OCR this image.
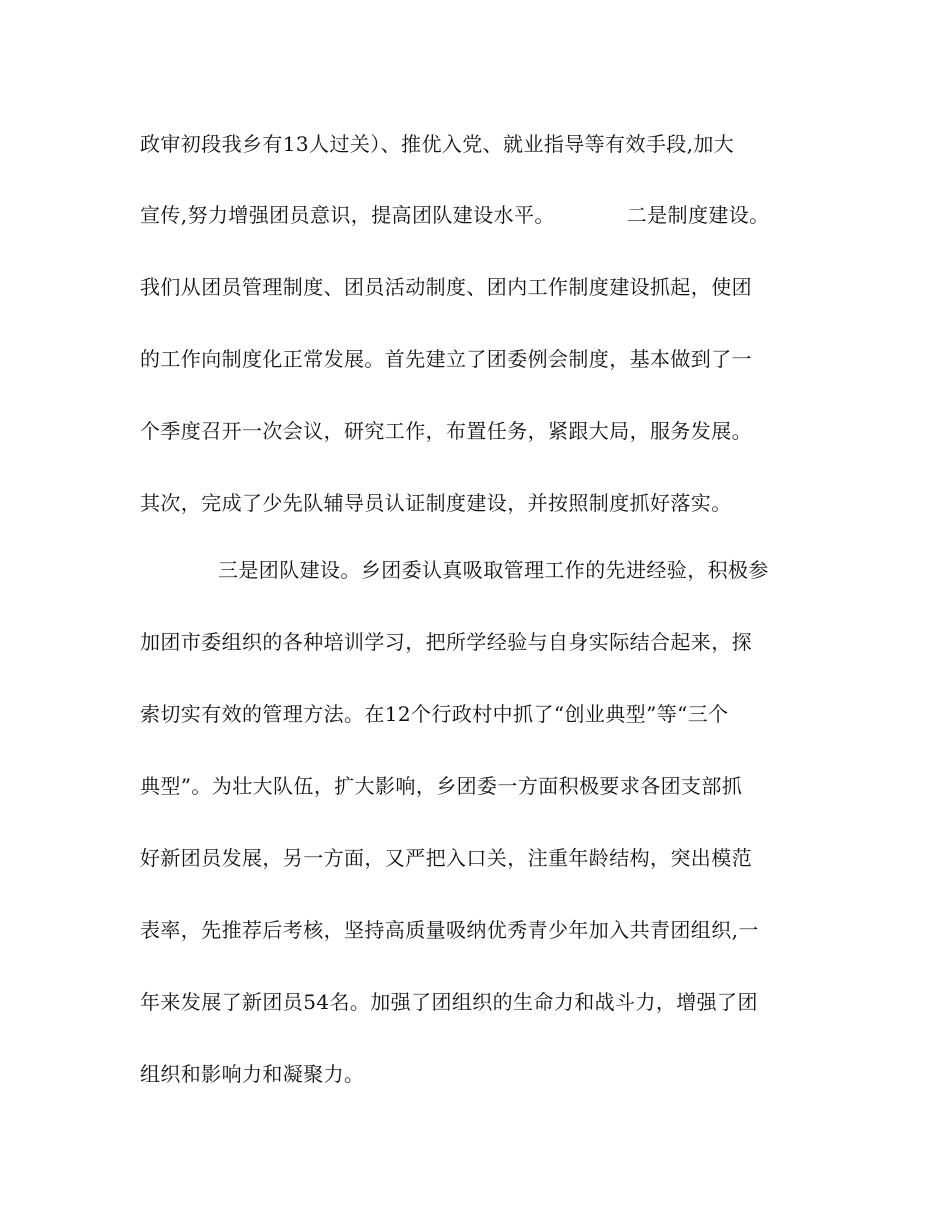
政审初段我乡有13人过关）、推优入党、就业指导等有效手段,加大
宣传,努力增强团员意识，提高团队建设水平。	二是制度建设。
我们从团员管理制度、团员活动制度、团内工作制度建设抓起，使团
的工作向制度化正常发展。首先建立了团委例会制度，基本做到了一
个季度召开一次会议，研究工作，布置任务，紧跟大局，服务发展。
其次，完成了少先队辅导员认证制度建设，并按照制度抓好落实。
三是团队建设。乡团委认真吸取管理工作的先进经验，积极参
加团市委组织的各种培训学习，把所学经验与自身实际结合起来，探
索切实有效的管理方法。在12个行政村中抓了“创业典型”等“三个
典型”。为壮大队伍，扩大影响，乡团委一方面积极要求各团支部抓
好新团员发展，另一方面，又严把入口关，注重年龄结构，突出模范
表率，先推荐后考核，坚持高质量吸纳优秀青少年加入共青团组织,一
年来发展了新团员54名。加强了团组织的生命力和战斗力，增强了团
组织和影响力和凝聚力。
